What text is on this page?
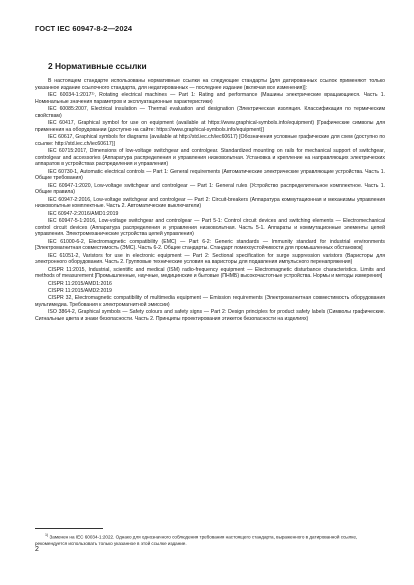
ГОСТ IEC 60947-8-2—2024
2 Нормативные ссылки

В настоящем стандарте использованы нормативные ссылки на следующие стандарты [для датированных ссылок применяют только указанное издание ссылочного стандарта, для недатированных — последнее издание (включая все изменения)]:

IEC 60034-1:2017¹⁾, Rotating electrical machines — Part 1: Rating and performance (Машины электрические вращающиеся. Часть 1. Номинальные значения параметров и эксплуатационные характеристики)

IEC 60085:2007, Electrical insulation — Thermal evaluation and designation (Электрическая изоляция. Классификация по термическим свойствам)

IEC 60417, Graphical symbol for use on equipment (available at https://www.graphical-symbols.info/equipment) [Графические символы для применения на оборудовании (доступно на сайте: https://www.graphical-symbols.info/equipment)]

IEC 60617, Graphical symbols for diagrams (available at http://std.iec.ch/iec60617) [Обозначения условные графические для схем (доступно по ссылке: http://std.iec.ch/iec60617)]

IEC 60715:2017, Dimensions of low-voltage switchgear and controlgear. Standardized mounting on rails for mechanical support of switchgear, controlgear and accessories (Аппаратура распределения и управления низковольтная. Установка и крепление на направляющих электрических аппаратов в устройствах распределения и управления)

IEC 60730-1, Automatic electrical controls — Part 1: General requirements (Автоматические электрические управляющие устройства. Часть 1. Общие требования)

IEC 60947-1:2020, Low-voltage switchgear and controlgear — Part 1: General rules (Устройство распределительное комплектное. Часть 1. Общие правила)

IEC 60947-2:2016, Low-voltage switchgear and controlgear — Part 2: Circuit-breakers (Аппаратура коммутационная и механизмы управления низковольтные комплектные. Часть 2. Автоматические выключатели)

IEC 60947-2:2016/AMD1:2019

IEC 60947-5-1:2016, Low-voltage switchgear and controlgear — Part 5-1: Control circuit devices and switching elements — Electromechanical control circuit devices (Аппаратура распределения и управления низковольтная. Часть 5-1. Аппараты и коммутационные элементы цепей управления. Электромеханические устройства цепей управления)

IEC 61000-6-2, Electromagnetic compatibility (EMC) — Part 6-2: Generic standards — Immunity standard for industrial environments [Электромагнитная совместимость (ЭМС). Часть 6-2. Общие стандарты. Стандарт помехоустойчивости для промышленных обстановок]

IEC 61051-2, Varistors for use in electronic equipment — Part 2: Sectional specification for surge suppression varistors (Варисторы для электронного оборудования. Часть 2. Групповые технические условия на варисторы для подавления импульсного перенапряжения)

CISPR 11:2015, Industrial, scientific and medical (ISM) radio-frequency equipment — Electromagnetic disturbance characteristics. Limits and methods of measurement [Промышленные, научные, медицинские и бытовые (ПНМБ) высокочастотные устройства. Нормы и методы измерения]

CISPR 11:2015/AMD1:2016

CISPR 11:2015/AMD2:2019

CISPR 32, Electromagnetic compatibility of multimedia equipment — Emission requirements (Электромагнитная совместимость оборудования мультимедиа. Требования к электромагнитной эмиссии)

ISO 3864-2, Graphical symbols — Safety colours and safety signs — Part 2: Design principles for product safety labels (Символы графические. Сигнальные цвета и знаки безопасности. Часть 2. Принципы проектирования этикеток безопасности на изделиях)

$^{1)}$ Заменен на IEC 60034-1:2022. Однако для однозначного соблюдения требования настоящего стандарта, выраженного в датированной ссылке, рекомендуется использовать только указанное в этой ссылке издание.
2
